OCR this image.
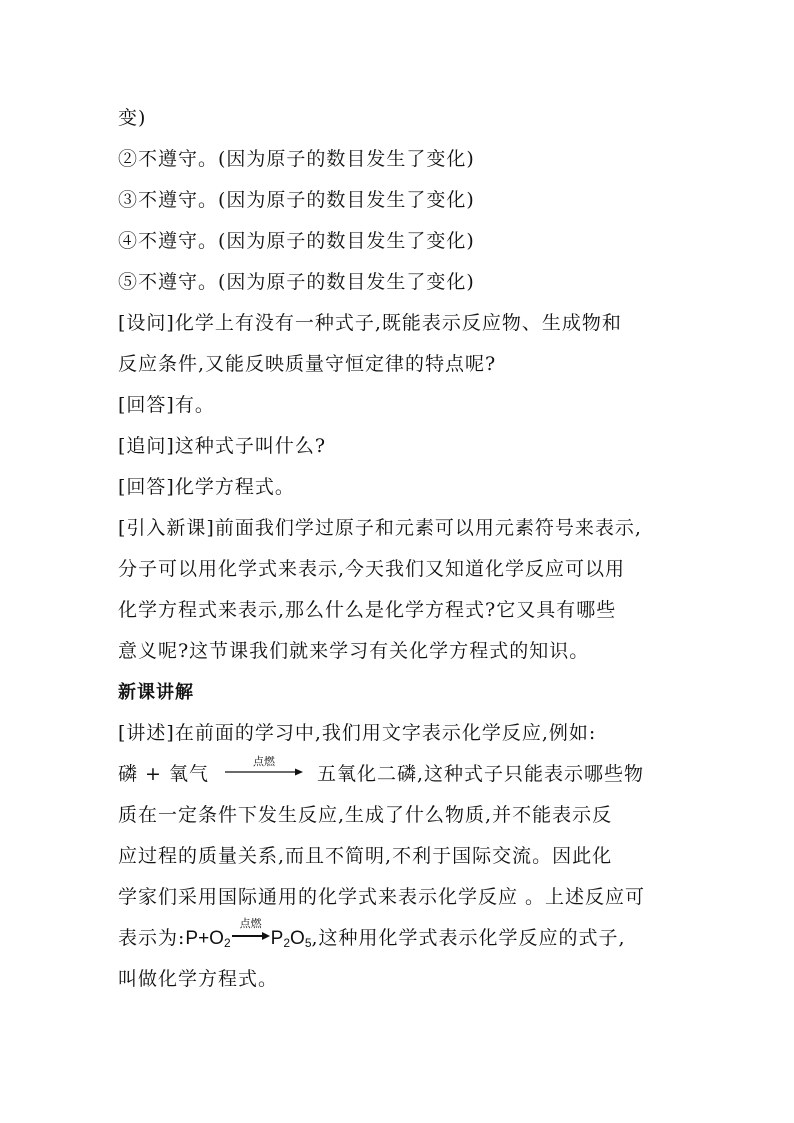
变)
②不遵守。(因为原子的数目发生了变化)
③不遵守。(因为原子的数目发生了变化)
④不遵守。(因为原子的数目发生了变化)
⑤不遵守。(因为原子的数目发生了变化)
[设问]化学上有没有一种式子,既能表示反应物、生成物和
反应条件,又能反映质量守恒定律的特点呢?
[回答]有。
[追问]这种式子叫什么?
[回答]化学方程式。
[引入新课]前面我们学过原子和元素可以用元素符号来表示,
分子可以用化学式来表示,今天我们又知道化学反应可以用
化学方程式来表示,那么什么是化学方程式?它又具有哪些
意义呢?这节课我们就来学习有关化学方程式的知识。
新课讲解
[讲述]在前面的学习中,我们用文字表示化学反应,例如:
磷 + 氧气
点燃
五氧化二磷,这种式子只能表示哪些物
质在一定条件下发生反应,生成了什么物质,并不能表示反
应过程的质量关系,而且不简明,不利于国际交流。因此化
学家们采用国际通用的化学式来表示化学反应 。上述反应可
表示为$:P+O_2$
点燃
$P_2O_5$,这种用化学式表示化学反应的式子,
叫做化学方程式。
